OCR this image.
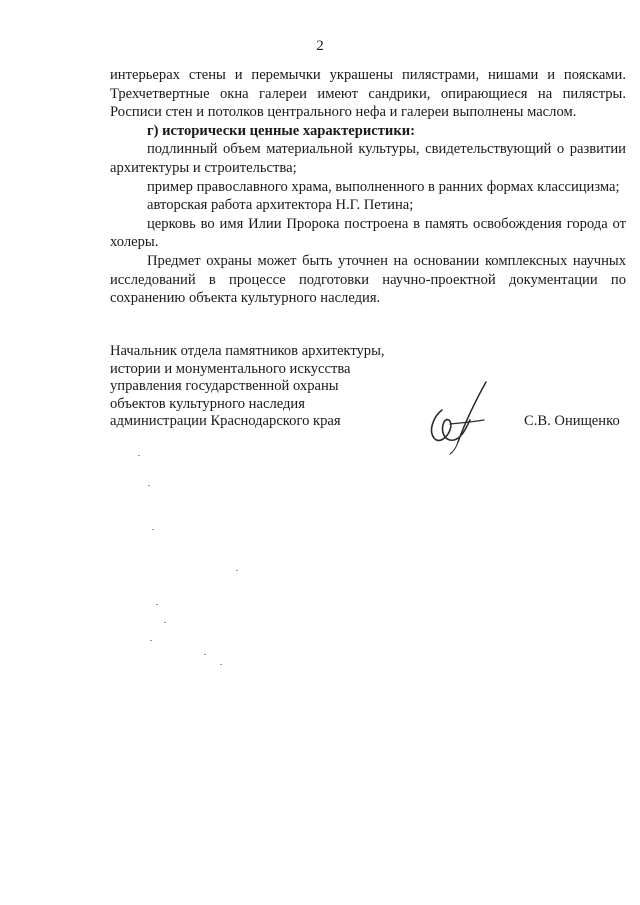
2

интерьерах стены и перемычки украшены пилястрами, нишами и поясками. Трехчетвертные окна галереи имеют сандрики, опирающиеся на пилястры. Росписи стен и потолков центрального нефа и галереи выполнены маслом.

г) исторически ценные характеристики:

подлинный объем материальной культуры, свидетельствующий о развитии архитектуры и строительства;

пример православного храма, выполненного в ранних формах классицизма;

авторская работа архитектора Н.Г. Петина;

церковь во имя Илии Пророка построена в память освобождения города от холеры.

Предмет охраны может быть уточнен на основании комплексных научных исследований в процессе подготовки научно-проектной документации по сохранению объекта культурного наследия.

Начальник отдела памятников архитектуры,
истории и монументального искусства
управления государственной охраны
объектов культурного наследия
администрации Краснодарского края	С.В. Онищенко
